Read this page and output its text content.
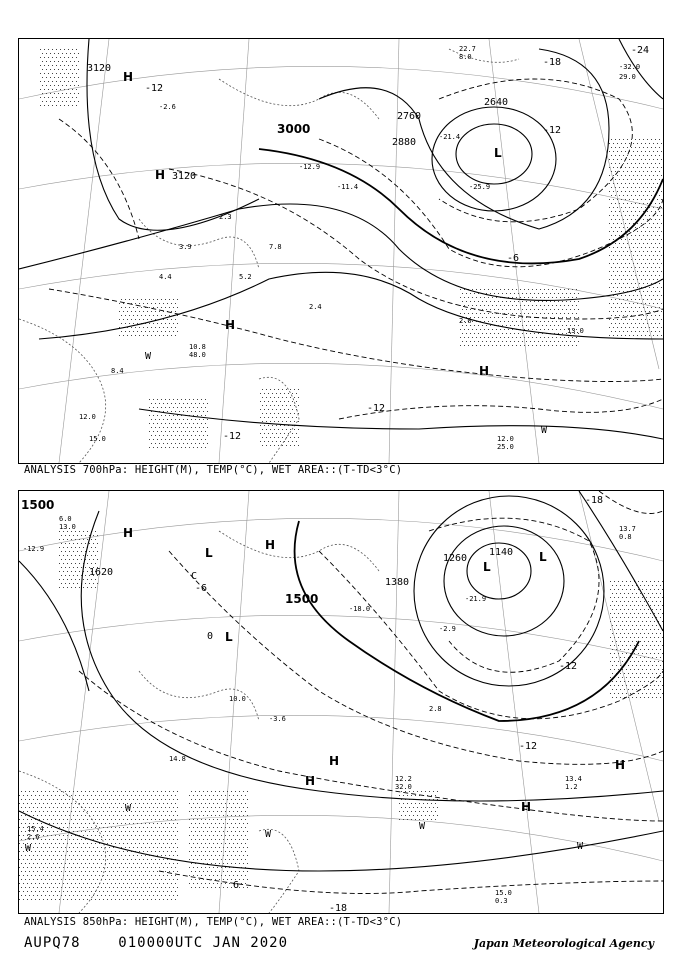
3120
3120
3000
2880
2760
2640
-12
-12
-18
-24
-12
-12
-6
H
H
H
L
H
W
W
-2.6
-12.9
-11.4
2.3
3.9
5.2
2.4
4.4
7.8
12.0
13.0
12.0
25.0
15.0
10.8
48.0
8.4
2.0
22.7
8.0
-21.4
-25.9
-32.0
29.0
ANALYSIS 700hPa: HEIGHT(M), TEMP(°C), WET AREA::(T-TD<3°C)
1500
1620
1500
1380
1260
1140
-18
-12
-6
0
-12
-18
6
H
H
L
L
L
C
H
H
H
H
W
W
W
W
W
L
-12.9
6.0
13.0	13.7
0.8
-3.6
12.2
32.0
15.4
2.6
15.0
0.3
13.4
1.2
-18.0
-2.9
-21.9
14.8
10.0
2.8
ANALYSIS 850hPa: HEIGHT(M), TEMP(°C), WET AREA::(T-TD<3°C)
AUPQ78	010000UTC JAN 2020	Japan Meteorological Agency
